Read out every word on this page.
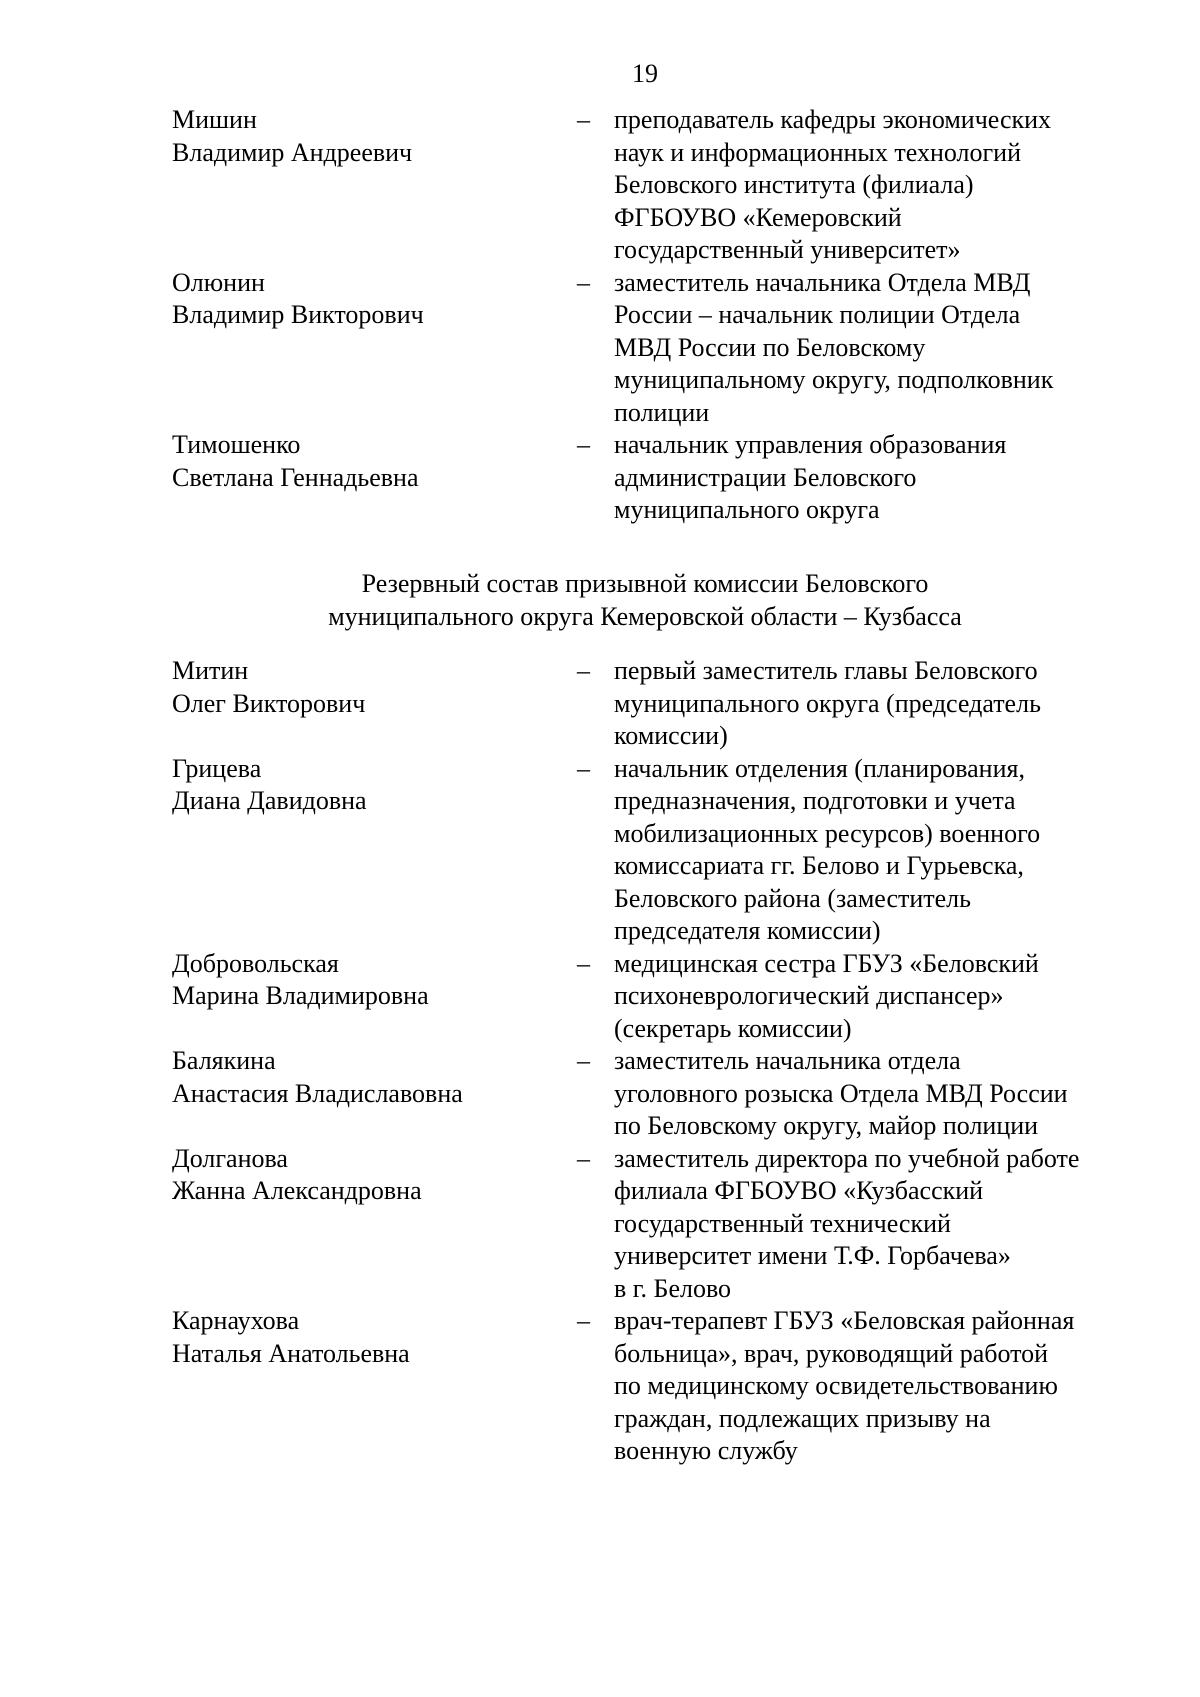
19
Мишин
Владимир Андреевич
– преподаватель кафедры экономических
наук и информационных технологий
Беловского института (филиала)
ФГБОУВО «Кемеровский
государственный университет»
Олюнин
Владимир Викторович
– заместитель начальника Отдела МВД
России – начальник полиции Отдела
МВД России по Беловскому
муниципальному округу, подполковник
полиции
Тимошенко
Светлана Геннадьевна
– начальник управления образования
администрации Беловского
муниципального округа
Резервный состав призывной комиссии Беловского
муниципального округа Кемеровской области – Кузбасса
Митин
Олег Викторович
– первый заместитель главы Беловского
муниципального округа (председатель
комиссии)
Грицева
Диана Давидовна
– начальник отделения (планирования,
предназначения, подготовки и учета
мобилизационных ресурсов) военного
комиссариата гг. Белово и Гурьевска,
Беловского района (заместитель
председателя комиссии)
Добровольская
Марина Владимировна
– медицинская сестра ГБУЗ «Беловский
психоневрологический диспансер»
(секретарь комиссии)
Балякина
Анастасия Владиславовна
– заместитель начальника отдела
уголовного розыска Отдела МВД России
по Беловскому округу, майор полиции
Долганова
Жанна Александровна
– заместитель директора по учебной работе
филиала ФГБОУВО «Кузбасский
государственный технический
университет имени Т.Ф. Горбачева»
в г. Белово
Карнаухова
Наталья Анатольевна
– врач-терапевт ГБУЗ «Беловская районная
больница», врач, руководящий работой
по медицинскому освидетельствованию
граждан, подлежащих призыву на
военную службу
